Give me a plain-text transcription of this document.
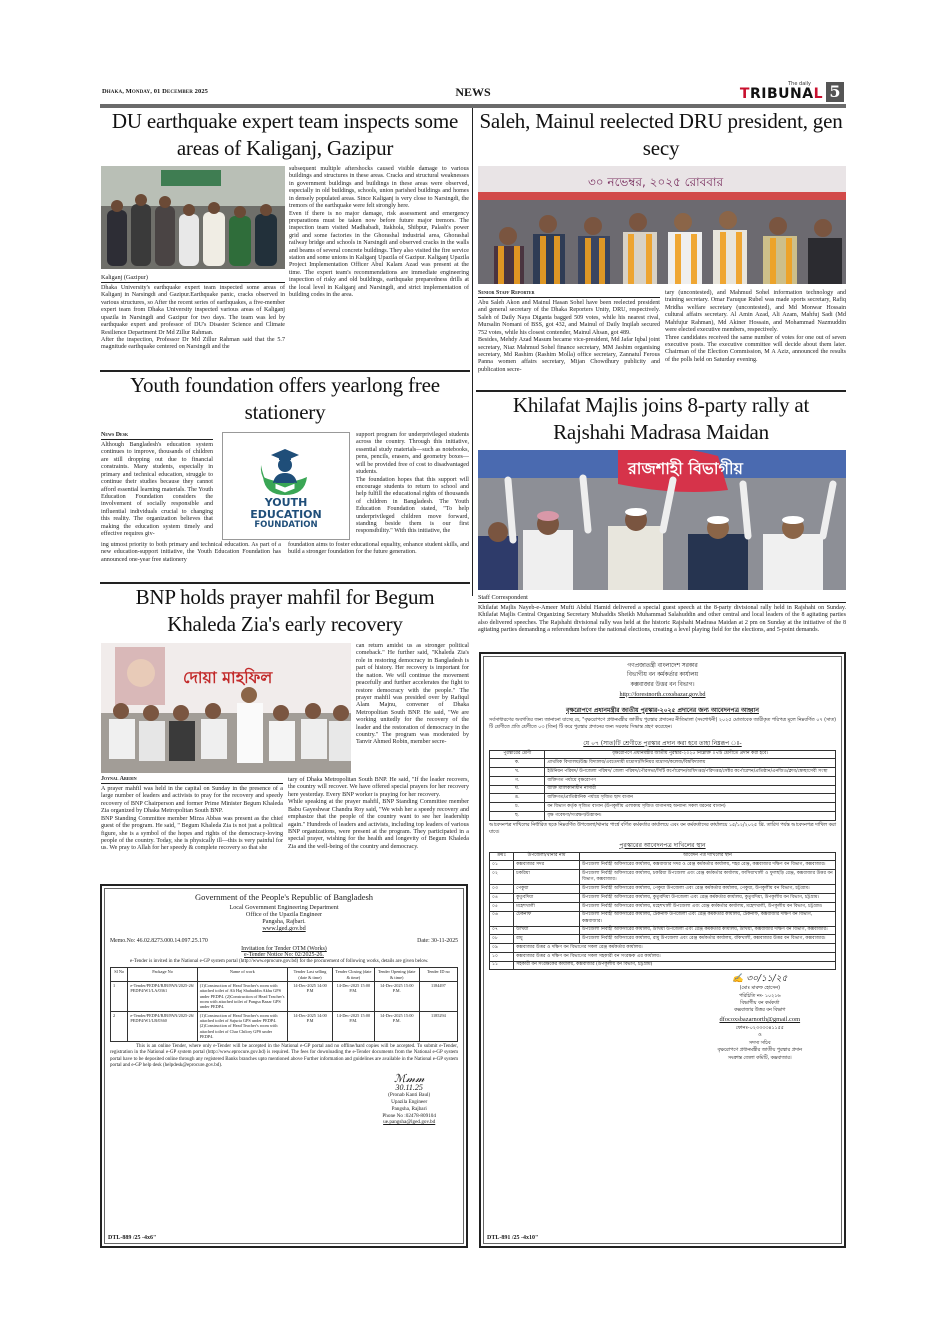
Dhaka, Monday, 01 December 2025	NEWS
The daily
TRIBUNAL 5
DU earthquake expert team inspects some areas of Kaliganj, Gazipur
Kaliganj (Gazipur)

Dhaka University's earthquake expert team inspected some areas of Kaliganj in Narsingdi and Gazipur.Earthquake panic, cracks observed in various structures, so After the recent series of earthquakes, a five-member expert team from Dhaka University inspected various areas of Kaliganj upazila in Narsingdi and Gazipur for two days. The team was led by earthquake expert and professor of DU's Disaster Science and Climate Resilience Department Dr Md Zillur Rahman.

After the inspection, Professor Dr Md Zillur Rahman said that the 5.7 magnitude earthquake centered on Narsingdi and the

subsequent multiple aftershocks caused visible damage to various buildings and structures in these areas. Cracks and structural weaknesses in government buildings and buildings in these areas were observed, especially in old buildings, schools, union parished buildings and homes in densely populated areas. Since Kaliganj is very close to Narsingdi, the tremors of the earthquake were felt strongly here.

Even if there is no major damage, risk assessment and emergency preparations must be taken now before future major tremors. The inspection team visited Madhabadi, Itakhola, Shibpur, Palash's power grid and some factories in the Ghorashal industrial area, Ghorashal railway bridge and schools in Narsingdi and observed cracks in the walls and beams of several concrete buildings. They also visited the fire service station and some unions in Kaliganj Upazila of Gazipur. Kaliganj Upazila Project Implementation Officer Abul Kalam Azad was present at the time. The expert team's recommendations are immediate engineering inspection of risky and old buildings, earthquake preparedness drills at the local level in Kaliganj and Narsingdi, and strict implementation of building codes in the area.

Saleh, Mainul reelected DRU president, gen secy
৩০ নভেম্বর, ২০২৫ রোববার
Senior Staff Reporter

Abu Saleh Akon and Mainul Hasan Sohel have been reelected president and general secretary of the Dhaka Reporters Unity, DRU, respectively. Saleh of Daily Naya Diganta bagged 509 votes, while his nearest rival, Mursalin Nomani of BSS, got 432, and Mainul of Daily Inqilab secured 752 votes, while his closest contender, Mainul Ahsan, got 489.

Besides, Mehdy Azad Masum became vice-president, Md Jafar Iqbal joint secretary, Niaz Mahmud Sohel finance secretary, MM Jashim organising secretary, Md Rashim (Rashim Molla) office secretary, Zannatul Ferous Panna women affairs secretary, Mijan Chowdhury publicity and publication secre-

tary (uncontested), and Mahmud Sohel information technology and training secretary. Omar Faruque Rubel was made sports secretary, Rafiq Mridha welfare secretary (uncontested), and Md Monwar Hossain cultural affairs secretary. Al Amin Azad, Ali Azam, Mahfuj Sadi (Md Mahfujur Rahman), Md Akiner Hossain, and Mohammad Nazmuddin were elected executive members, respectively.

Three candidates received the same number of votes for one out of seven executive posts. The executive committee will decide about them later. Chairman of the Election Commission, M A Aziz, announced the results of the polls held on Saturday evening.

Youth foundation offers yearlong free stationery
News Desk
Although Bangladesh's education system continues to improve, thousands of children are still dropping out due to financial constraints. Many students, especially in primary and technical education, struggle to continue their studies because they cannot afford essential learning materials. The Youth Education Foundation considers the involvement of socially responsible and influential individuals crucial to changing this reality. The organization believes that making the education system timely and effective requires giv-
YOUTH
EDUCATION
FOUNDATION

support program for underprivileged students across the country. Through this initiative, essential study materials—such as notebooks, pens, pencils, erasers, and geometry boxes—will be provided free of cost to disadvantaged students.

The foundation hopes that this support will encourage students to return to school and help fulfill the educational rights of thousands of children in Bangladesh. The Youth Education Foundation stated, "To help underprivileged children move forward, standing beside them is our first responsibility." With this initiative, the

ing utmost priority to both primary and technical education. As part of a new education-support initiative, the Youth Education Foundation has announced one-year free stationery
foundation aims to foster educational equality, enhance student skills, and build a stronger foundation for the future generation.
Khilafat Majlis joins 8-party rally at Rajshahi Madrasa Maidan
রাজশাহী বিভাগীয়
Staff Correspondent
Khilafat Majlis Nayeb-e-Ameer Mufti Abdul Hamid delivered a special guest speech at the 8-party divisional rally held in Rajshahi on Sunday. Khilafat Majlis Central Organizing Secretary Muhaddis Sheikh Muhammad Salahuddin and other central and local leaders of the 8 agitating parties also delivered speeches. The Rajshahi divisional rally was held at the historic Rajshahi Madrasa Maidan at 2 pm on Sunday at the initiative of the 8 agitating parties demanding a referendum before the national elections, creating a level playing field for the elections, and 5-point demands.
BNP holds prayer mahfil for Begum Khaleda Zia's early recovery
দোয়া মাহফিল
can return amidst us as stronger political comeback." He further said, "Khaleda Zia's role in restoring democracy in Bangladesh is part of history. Her recovery is important for the nation. We will continue the movement peacefully and further accelerates the fight to restore democracy with the people." The prayer mahfil was presided over by Rafiqul Alam Majnu, convener of Dhaka Metropolitan South BNP. He said, "We are working unitedly for the recovery of the leader and the restoration of democracy in the country." The program was moderated by Tanvir Ahmed Robin, member secre-
Joynal Abedin

A prayer mahfil was held in the capital on Sunday in the presence of a large number of leaders and activists to pray for the recovery and speedy recovery of BNP Chairperson and former Prime Minister Begum Khaleda Zia organized by Dhaka Metropolitan South BNP.

BNP Standing Committee member Mirza Abbas was present as the chief guest of the program. He said, " Begum Khaleda Zia is not just a political figure, she is a symbol of the hopes and rights of the democracy-loving people of the country. Today, she is physically ill—this is very painful for us. We pray to Allah for her speedy & complete recovery so that she

tary of Dhaka Metropolitan South BNP. He said, "If the leader recovers, the country will recover. We have offered special prayers for her recovery here yesterday. Every BNP worker is praying for her recovery.

While speaking at the prayer mahfil, BNP Standing Committee member Babu Gayeshwar Chandra Roy said, "We wish her a speedy recovery and emphasize that the people of the country want to see her leadership again." Hundreds of leaders and activists, including top leaders of various BNP organizations, were present at the program. They participated in a special prayer, wishing for the health and longevity of Begum Khaleda Zia and the well-being of the country and democracy.

Government of the People's Republic of Bangladesh
Local Government Engineering Department
Office of the Upazila Engineer
Pangsha, Rajbari.
www.lged.gov.bd
Memo.No: 46.02.8273.000.14.097.25.170	Date: 30-11-2025
Invitation for Tender OTM (Works)
e-Tender Notice No: 02/2025-26.
e-Tender is invited in the National e-GP system portal (http://www.eprocure.gov.bd) for the procurement of following works, details are given below.
Sl No	Package No	Name of work	Tender Last selling (date & time)	Tender Closing (date & time)	Tender Opening (date & time)	Tender ID no
1	e-Tender/PEDP4/RJB/PAN/2025-26/PEDP4/W1/LA/0361	(1)Construction of Head Teacher's room with attached toilet of Ali Haj Shahuddin Akhu GPS under PEDP4. (2)Construction of Head Teacher's room with attached toilet of Pangsa Bazar GPS under PEDP4.	14-Dec-2025 14:00 P.M	14-Dec-2025 15:00 P.M.	14-Dec-2025 15:00 P.M.	1184497
2	e-Tender/PEDP4/RJB/PAN/2025-26/PEDP4/W1/LB/0360	(1)Construction of Head Teacher's room with attached toilet of Sajuria GPS under PEDP4. (2)Construction of Head Teacher's room with attached toilet of Char Chilory GPS under PEDP4.	14-Dec-2025 14:00 P.M	14-Dec-2025 15:00 P.M.	14-Dec-2025 15:00 P.M.	1185294
This is an online Tender, where only e-Tender will be accepted in the National e-GP portal and no offline/hard copies will be accepted. To submit e-Tender, registration in the National e-GP system portal (http://www.eprocure.gov.bd) is required. The fees for downloading the e-Tender documents from the National e-GP system portal have to be deposited online through any registered Banks branches upto mentioned above Further information and guidelines are available in the National e-GP system portal and e-GP help desk (helpdesk@eprocure.gov.bd).
ℳ𝓂𝓂
30.11.25
(Pronab Kanti Baul)
Upazila Engineer
Pangsha, Rajbari
Phone No :02478-809104
ue.pangsha@lged.gov.bd
DTL-889 /25 -4x6"
গণপ্রজাতন্ত্রী বাংলাদেশ সরকার
বিভাগীয় বন কর্মকর্তার কার্যালয়
কক্সবাজার উত্তর বন বিভাগ।
http://forestnorth.coxsbazar.gov.bd
বৃক্ষরোপণে প্রধানমন্ত্রীর জাতীয় পুরস্কার-২০২৫ প্রদানের জন্য আবেদনপত্র আহ্বান
সর্বসাধারণের অবগতির জন্য জানানো যাচ্ছে যে, "বৃক্ষরোপণে প্রধানমন্ত্রীর জাতীয় পুরস্কার প্রদানের নীতিমালা (সংশোধনী) ২০২৫ মোতাবেক জারীকৃত পরিপত্র মূলে নিম্নবর্ণিত ০৭ (সাত) টি শ্রেণীতে প্রতি শ্রেণীতে ০৩ (তিন) টি করে পুরস্কার প্রদানের জন্য সরকার সিদ্ধান্ত গ্রহণ করেছেন।
যে ০৭ (সাত)টি শ্রেণীতে পুরস্কার প্রদান করা হবে তাহা নিম্নরূপ ঃ-
পুরস্কারের শ্রেণী	বৃক্ষরোপণে প্রধানমন্ত্রীর জাতীয় পুরস্কার-২০২৫ নিম্নোক্ত ০৭টি শ্রেণীতে প্রদান করা হবে।
ক.	প্রাথমিক বিদ্যালয়/উচ্চ বিদ্যালয়/এবতেদায়ী মাদ্রাসা/সিনিয়র মাদ্রাসা/কলেজ/বিশ্ববিদ্যালয়
খ.	ইউনিয়ন পরিষদ/ উপজেলা পরিষদ/ জেলা পরিষদ/পৌরসভা/সিটি কর্পোরেশন/অধিদপ্তর/পরিদপ্তর/সেক্টর কর্পোরেশন/প্রতিষ্ঠান/এনজিও/ক্লাব/স্বেচ্ছাসেবী সংস্থা
গ.	ব্যক্তিগত পর্যায়ে বৃক্ষরোপণ
ঘ.	ব্যক্তি মালিকানাধীন নার্সারী
ঙ.	ব্যক্তিগত/প্রাতিষ্ঠানিক পর্যায়ে সৃজিত ছাদ বাগান
চ.	বন বিভাগ কর্তৃক সৃজিত বাগান (উপকূলীয় এলাকায় সৃজিত বাগানসহ অন্যান্য সকল ধরনের বাগান)
ছ.	বৃক্ষ গবেষণা/সংরক্ষণ/উদ্ভাবন।
আবেদনপত্র দাখিলের নির্ধারিত ছকে নিম্নবর্ণিত উপজেলা/থানার পার্শ্বে বর্ণিত কর্মকর্তার কার্যালয়ে এবং বন কর্মকর্তাদের কার্যালয়ে ১৫/১২/২০২৫ খ্রি. তারিখ পর্যন্ত আবেদনপত্র দাখিল করা যাবে।
পুরস্কারের আবেদনপত্র দাখিলের স্থান
ক্রমঃ	উপজেলা/থানার নাম	আবেদন পত্র দাখিলের স্থান
০১	কক্সবাজার সদর	উপজেলা নির্বাহী অফিসারের কার্যালয়, কক্সবাজার সদর ও রেঞ্জ কর্মকর্তার কার্যালয়, শহর রেঞ্জ, কক্সবাজার দক্ষিণ বন বিভাগ, কক্সবাজার।
০২	চকরিয়া	উপজেলা নির্বাহী অফিসারের কার্যালয়, চকরিয়া উপজেলা এবং রেঞ্জ কর্মকর্তার কার্যালয়, ফাসিয়াখালী ও ফুলছড়ি রেঞ্জ, কক্সবাজার উত্তর বন বিভাগ, কক্সবাজার।
০৩	পেকুয়া	উপজেলা নির্বাহী অফিসারের কার্যালয়, পেকুয়া উপজেলা এবং রেঞ্জ কর্মকর্তার কার্যালয়, পেকুয়া, উপকূলীয় বন বিভাগ, চট্টগ্রাম।
০৪	কুতুবদিয়া	উপজেলা নির্বাহী অফিসারের কার্যালয়, কুতুবদিয়া উপজেলা এবং রেঞ্জ কর্মকর্তার কার্যালয়, কুতুবদিয়া, উপকূলীয় বন বিভাগ, চট্টগ্রাম।
০৫	মহেশখালী	উপজেলা নির্বাহী অফিসারের কার্যালয়, মহেশখালী উপজেলা এবং রেঞ্জ কর্মকর্তার কার্যালয়, মহেশখালী, উপকূলীয় বন বিভাগ, চট্টগ্রাম।
০৬	টেকনাফ	উপজেলা নির্বাহী অফিসারের কার্যালয়, টেকনাফ উপজেলা এবং রেঞ্জ কর্মকর্তার কার্যালয়, টেকনাফ, কক্সবাজার দক্ষিণ বন বিভাগ, কক্সবাজার।
০৭	উখিয়া	উপজেলা নির্বাহী অফিসারের কার্যালয়, উখিয়া উপজেলা এবং রেঞ্জ কর্মকর্তার কার্যালয়, উখিয়া, কক্সবাজার দক্ষিণ বন বিভাগ, কক্সবাজার।
০৮	রামু	উপজেলা নির্বাহী অফিসারের কার্যালয়, রামু উপজেলা এবং রেঞ্জ কর্মকর্তার কার্যালয়, বাঁকখালী, কক্সবাজার উত্তর বন বিভাগ, কক্সবাজার।
০৯	কক্সবাজার উত্তর ও দক্ষিণ বন বিভাগের সকল রেঞ্জ কর্মকর্তার কার্যালয়।	
১০	কক্সবাজার উত্তর ও দক্ষিণ বন বিভাগের সকল সহকারী বন সংরক্ষক এর কার্যালয়।	
১১	সহকারী বন সংরক্ষকের কার্যালয়, কক্সবাজার (উপকূলীয় বন বিভাগ, চট্টগ্রাম)	
✍ ৩০/১১/২৫
(মোঃ মারুফ হোসেন)
পরিচিতি নং- ১০২১৬
বিভাগীয় বন কর্মকর্তা
কক্সবাজার উত্তর বন বিভাগ
dfocoxsbazarnorth@gmail.com
ফোনঃ-০২৩৩৩৩৪১১৫৫
ও
সদস্য সচিব
বৃক্ষরোপণে প্রধানমন্ত্রীর জাতীয় পুরস্কার প্রদান
সংক্রান্ত জেলা কমিটি, কক্সবাজার।
DTL-891 /25 -4x10"
